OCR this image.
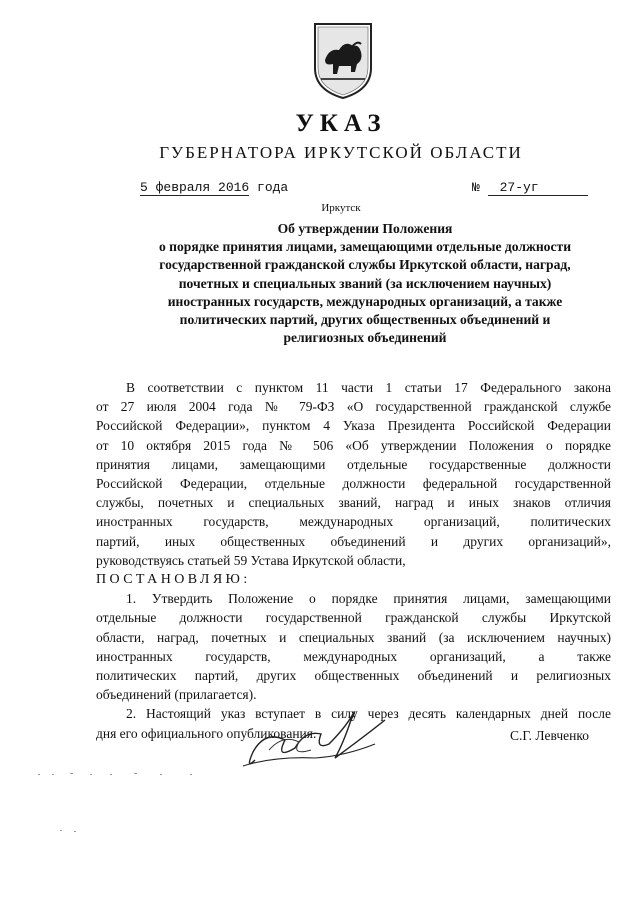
УКАЗ
ГУБЕРНАТОРА ИРКУТСКОЙ ОБЛАСТИ
5 февраля 2016 года	№ 27-уг
Иркутск
Об утверждении Положения
о порядке принятия лицами, замещающими отдельные должности
государственной гражданской службы Иркутской области, наград,
почетных и специальных званий (за исключением научных)
иностранных государств, международных организаций, а также
политических партий, других общественных объединений и
религиозных объединений
В соответствии с пунктом 11 части 1 статьи 17 Федерального закона
от 27 июля 2004 года № 79-ФЗ «О государственной гражданской службе
Российской Федерации», пунктом 4 Указа Президента Российской Федерации
от 10 октября 2015 года № 506 «Об утверждении Положения о порядке
принятия лицами, замещающими отдельные государственные должности
Российской Федерации, отдельные должности федеральной государственной
службы, почетных и специальных званий, наград и иных знаков отличия
иностранных государств, международных организаций, политических
партий, иных общественных объединений и других организаций»,
руководствуясь статьей 59 Устава Иркутской области,
ПОСТАНОВЛЯЮ:
1. Утвердить Положение о порядке принятия лицами, замещающими
отдельные должности государственной гражданской службы Иркутской
области, наград, почетных и специальных званий (за исключением научных)
иностранных государств, международных организаций, а также
политических партий, других общественных объединений и религиозных
объединений (прилагается).
2. Настоящий указ вступает в силу через десять календарных дней после
дня его официального опубликования.	С.Г. Левченко
